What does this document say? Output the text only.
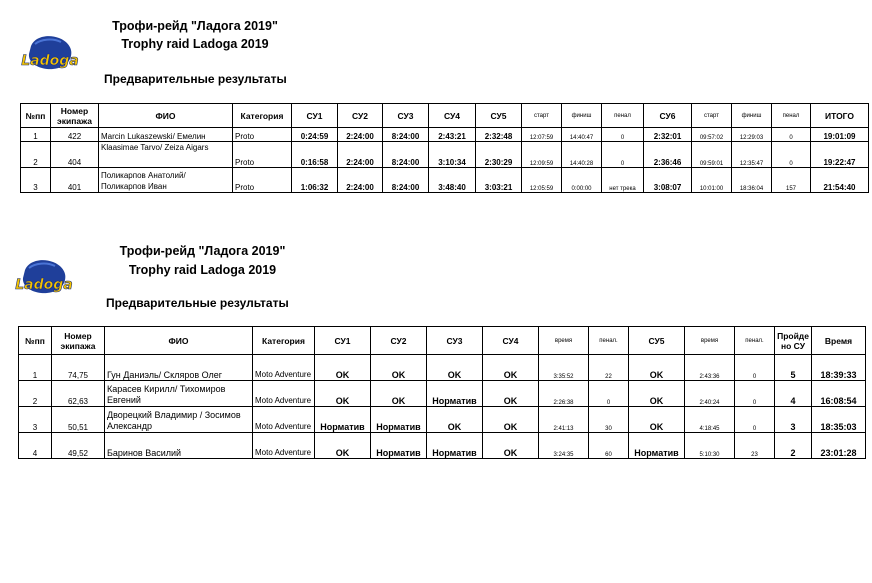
Ladoga
Трофи-рейд "Ладога 2019"
Trophy raid Ladoga 2019
Предварительные результаты
№пп	Номер экипажа	ФИО	Категория	СУ1	СУ2	СУ3	СУ4	СУ5	старт	финиш	пенал	СУ6	старт	финиш	пенал	ИТОГО
1	422	Marcin Lukaszewski/ Емелин	Proto	0:24:59	2:24:00	8:24:00	2:43:21	2:32:48	12:07:59	14:40:47	0	2:32:01	09:57:02	12:29:03	0	19:01:09
2	404	Klaasimae Tarvo/ Zeiza Aigars	Proto	0:16:58	2:24:00	8:24:00	3:10:34	2:30:29	12:09:59	14:40:28	0	2:36:46	09:59:01	12:35:47	0	19:22:47
3	401	Поликарпов Анатолий/ Поликарпов Иван	Proto	1:06:32	2:24:00	8:24:00	3:48:40	3:03:21	12:05:59	0:00:00	нет трека	3:08:07	10:01:00	18:36:04	157	21:54:40
Ladoga
Трофи-рейд "Ладога 2019"
Trophy raid Ladoga 2019
Предварительные результаты
№пп	Номер экипажа	ФИО	Категория	СУ1	СУ2	СУ3	СУ4	время	пенал.	СУ5	время	пенал.	Пройде но СУ	Время
1	74,75	Гун Даниэль/ Скляров Олег	Moto Adventure	OK	OK	OK	OK	3:35:52	22	OK	2:43:36	0	5	18:39:33
2	62,63	Карасев Кирилл/ Тихомиров Евгений	Moto Adventure	OK	OK	Норматив	OK	2:26:38	0	OK	2:40:24	0	4	16:08:54
3	50,51	Дворецкий Владимир / Зосимов Александр	Moto Adventure	Норматив	Норматив	OK	OK	2:41:13	30	OK	4:18:45	0	3	18:35:03
4	49,52	Баринов Василий	Moto Adventure	OK	Норматив	Норматив	OK	3:24:35	60	Норматив	5:10:30	23	2	23:01:28
